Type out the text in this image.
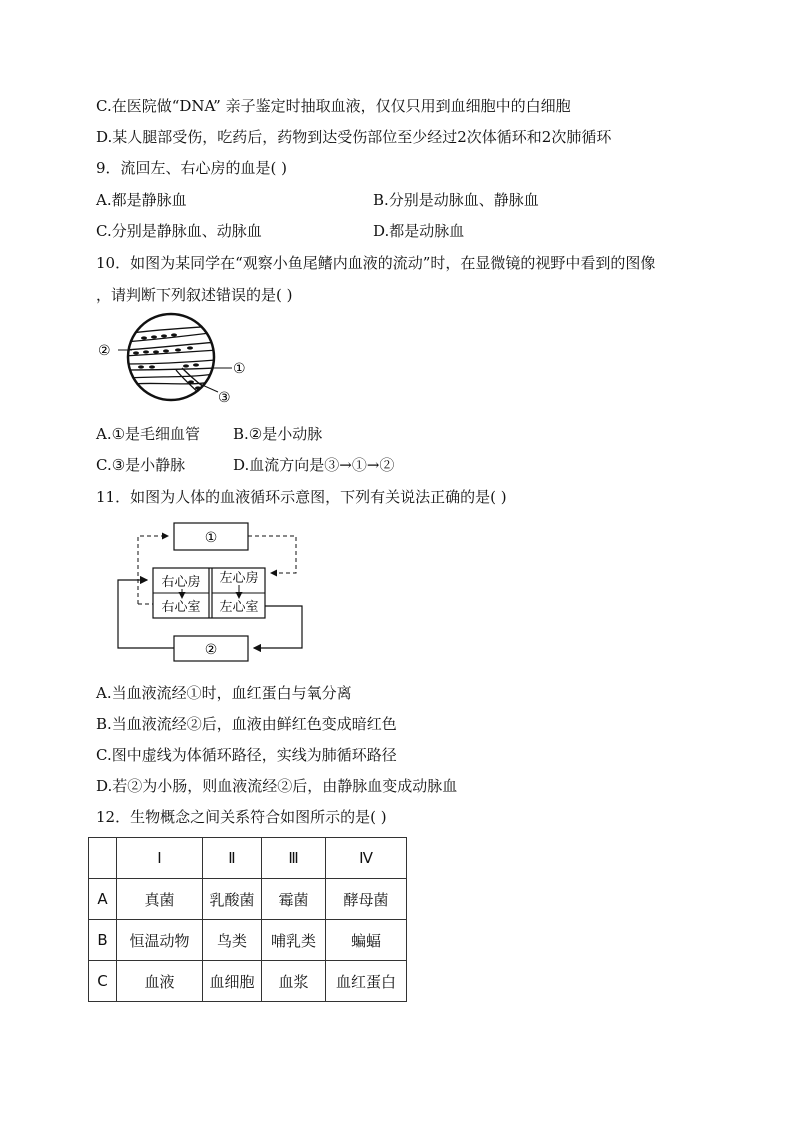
C.在医院做“DNA” 亲子鉴定时抽取血液，仅仅只用到血细胞中的白细胞
D.某人腿部受伤，吃药后，药物到达受伤部位至少经过2次体循环和2次肺循环
9．流回左、右心房的血是( )
A.都是静脉血	B.分别是动脉血、静脉血
C.分别是静脉血、动脉血	D.都是动脉血
10．如图为某同学在“观察小鱼尾鳍内血液的流动”时，在显微镜的视野中看到的图像
，请判断下列叙述错误的是( )
②
①
③
A.①是毛细血管 B.②是小动脉
C.③是小静脉	D.血流方向是③→①→②
11．如图为人体的血液循环示意图，下列有关说法正确的是( )
①
右心房
右心室
左心房
左心室
②
A.当血液流经①时，血红蛋白与氧分离
B.当血液流经②后，血液由鲜红色变成暗红色
C.图中虚线为体循环路径，实线为肺循环路径
D.若②为小肠，则血液流经②后，由静脉血变成动脉血
12．生物概念之间关系符合如图所示的是( )
	I	Ⅱ	Ⅲ	Ⅳ
A	真菌	乳酸菌	霉菌	酵母菌
B	恒温动物	鸟类	哺乳类	蝙蝠
C	血液	血细胞	血浆	血红蛋白
